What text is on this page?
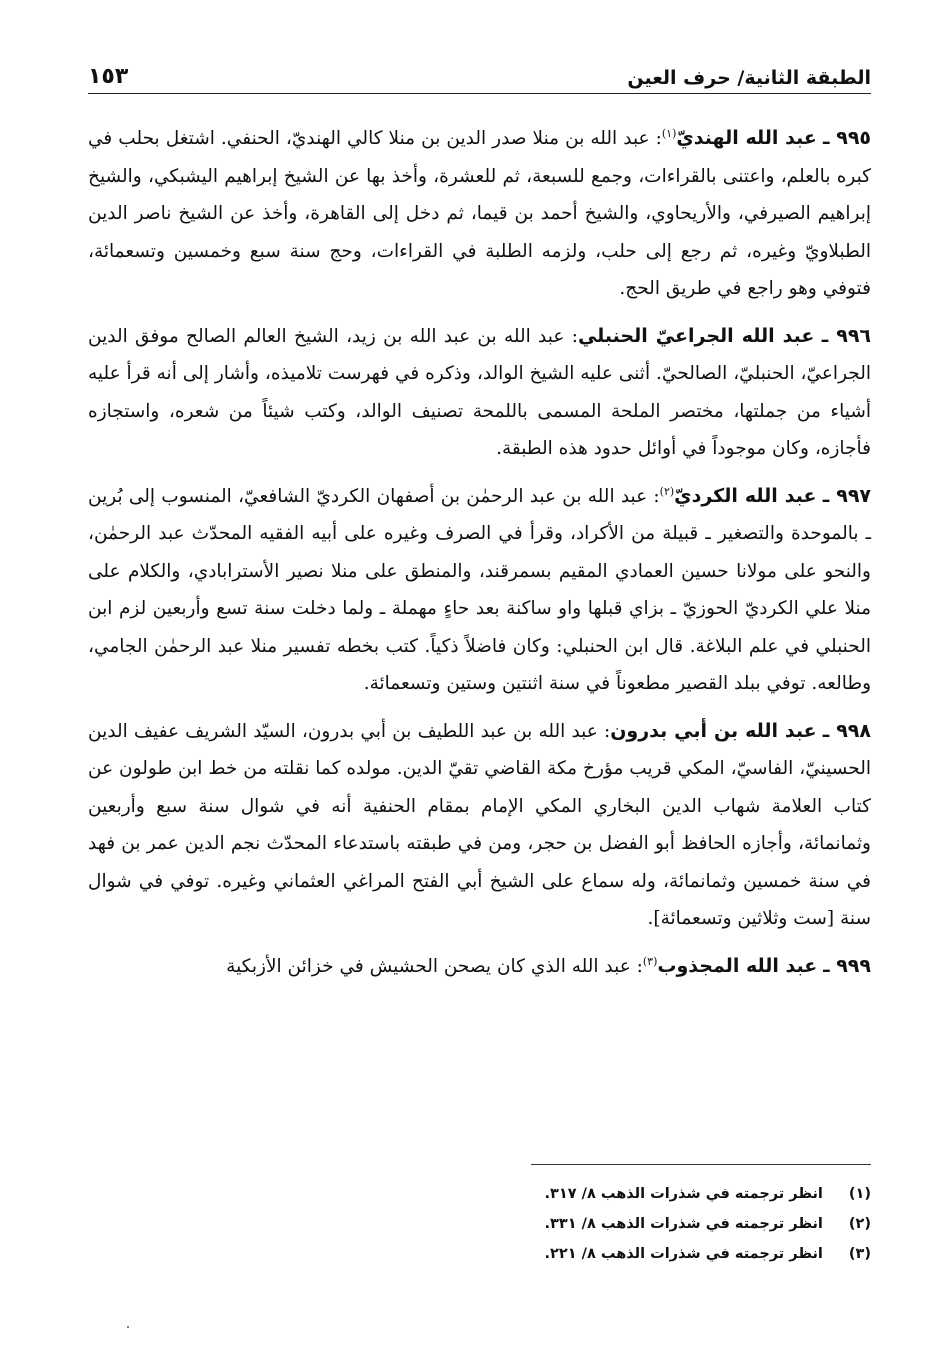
الطبقة الثانية/ حرف العين
١٥٣

٩٩٥ ـ عبد الله الهنديّ$^{(١)}$: عبد الله بن منلا صدر الدين بن منلا كالي الهنديّ، الحنفي. اشتغل بحلب في كبره بالعلم، واعتنى بالقراءات، وجمع للسبعة، ثم للعشرة، وأخذ بها عن الشيخ إبراهيم اليشبكي، والشيخ إبراهيم الصيرفي، والأريحاوي، والشيخ أحمد بن قيما، ثم دخل إلى القاهرة، وأخذ عن الشيخ ناصر الدين الطبلاويّ وغيره، ثم رجع إلى حلب، ولزمه الطلبة في القراءات، وحج سنة سبع وخمسين وتسعمائة، فتوفي وهو راجع في طريق الحج.

٩٩٦ ـ عبد الله الجراعيّ الحنبلي: عبد الله بن عبد الله بن زيد، الشيخ العالم الصالح موفق الدين الجراعيّ، الحنبليّ، الصالحيّ. أثنى عليه الشيخ الوالد، وذكره في فهرست تلاميذه، وأشار إلى أنه قرأ عليه أشياء من جملتها، مختصر الملحة المسمى باللمحة تصنيف الوالد، وكتب شيئاً من شعره، واستجازه فأجازه، وكان موجوداً في أوائل حدود هذه الطبقة.

٩٩٧ ـ عبد الله الكرديّ$^{(٢)}$: عبد الله بن عبد الرحمٰن بن أصفهان الكرديّ الشافعيّ، المنسوب إلى بُرين ـ بالموحدة والتصغير ـ قبيلة من الأكراد، وقرأ في الصرف وغيره على أبيه الفقيه المحدّث عبد الرحمٰن، والنحو على مولانا حسين العمادي المقيم بسمرقند، والمنطق على منلا نصير الأسترابادي، والكلام على منلا علي الكرديّ الحوزيّ ـ بزاي قبلها واو ساكنة بعد حاءٍ مهملة ـ ولما دخلت سنة تسع وأربعين لزم ابن الحنبلي في علم البلاغة. قال ابن الحنبلي: وكان فاضلاً ذكياً. كتب بخطه تفسير منلا عبد الرحمٰن الجامي، وطالعه. توفي ببلد القصير مطعوناً في سنة اثنتين وستين وتسعمائة.

٩٩٨ ـ عبد الله بن أبي بدرون: عبد الله بن عبد اللطيف بن أبي بدرون، السيّد الشريف عفيف الدين الحسينيّ، الفاسيّ، المكي قريب مؤرخ مكة القاضي تقيّ الدين. مولده كما نقلته من خط ابن طولون عن كتاب العلامة شهاب الدين البخاري المكي الإمام بمقام الحنفية أنه في شوال سنة سبع وأربعين وثمانمائة، وأجازه الحافظ أبو الفضل بن حجر، ومن في طبقته باستدعاء المحدّث نجم الدين عمر بن فهد في سنة خمسين وثمانمائة، وله سماع على الشيخ أبي الفتح المراغي العثماني وغيره. توفي في شوال سنة [ست وثلاثين وتسعمائة].

٩٩٩ ـ عبد الله المجذوب$^{(٣)}$: عبد الله الذي كان يصحن الحشيش في خزائن الأزبكية

(١)
انظر ترجمته في شذرات الذهب ٨/ ٣١٧.
(٢)
انظر ترجمته في شذرات الذهب ٨/ ٣٣١.
(٣)
انظر ترجمته في شذرات الذهب ٨/ ٢٢١.
